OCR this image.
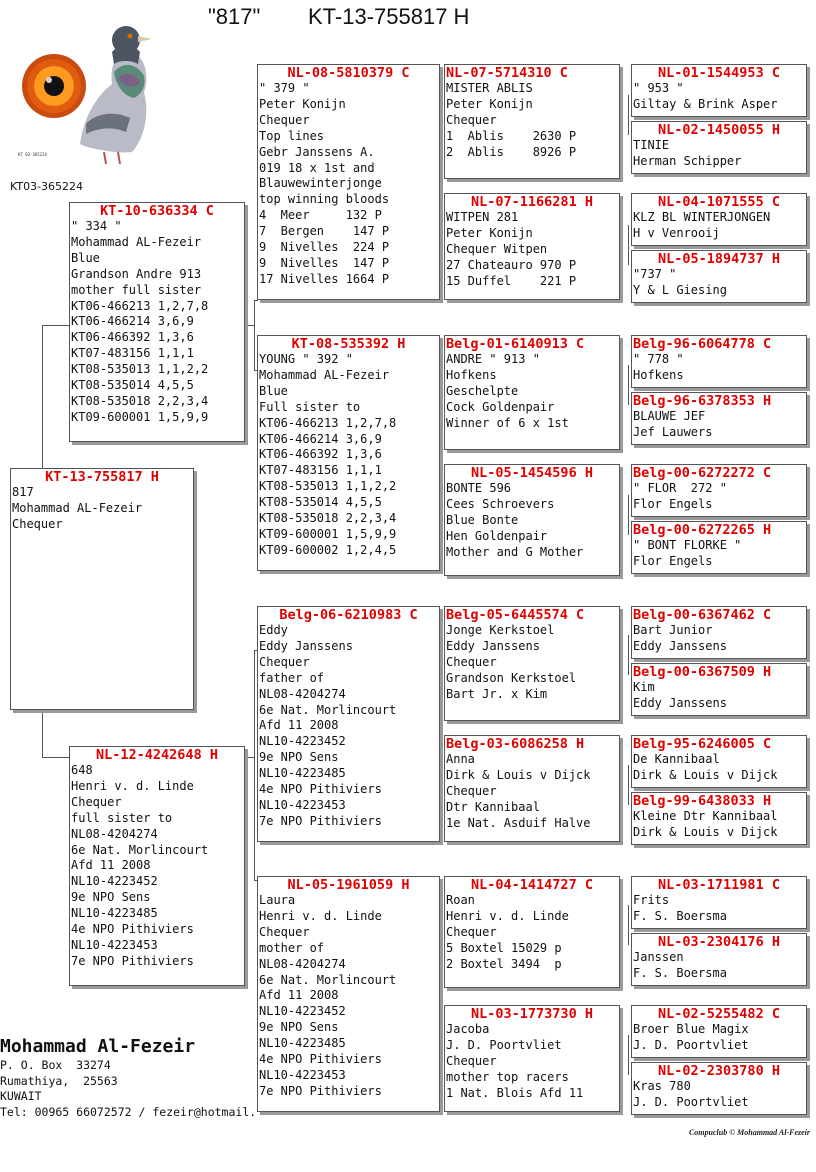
"817" KT-13-755817 H
KT 03-365224
KT03-365224
KT-13-755817 H
817
Mohammad AL-Fezeir
Chequer
KT-10-636334 C
" 334 "
Mohammad AL-Fezeir
Blue
Grandson Andre 913
mother full sister
KT06-466213 1,2,7,8
KT06-466214 3,6,9
KT06-466392 1,3,6
KT07-483156 1,1,1
KT08-535013 1,1,2,2
KT08-535014 4,5,5
KT08-535018 2,2,3,4
KT09-600001 1,5,9,9
NL-12-4242648 H
648
Henri v. d. Linde
Chequer
full sister to
NL08-4204274
6e Nat. Morlincourt
Afd 11 2008
NL10-4223452
9e NPO Sens
NL10-4223485
4e NPO Pithiviers
NL10-4223453
7e NPO Pithiviers
NL-08-5810379 C
" 379 "
Peter Konijn
Chequer
Top lines
Gebr Janssens A.
019 18 x 1st and
Blauwewinterjonge
top winning bloods
4  Meer     132 P
7  Bergen    147 P
9  Nivelles  224 P
9  Nivelles  147 P
17 Nivelles 1664 P
KT-08-535392 H
YOUNG " 392 "
Mohammad AL-Fezeir
Blue
Full sister to
KT06-466213 1,2,7,8
KT06-466214 3,6,9
KT06-466392 1,3,6
KT07-483156 1,1,1
KT08-535013 1,1,2,2
KT08-535014 4,5,5
KT08-535018 2,2,3,4
KT09-600001 1,5,9,9
KT09-600002 1,2,4,5
Belg-06-6210983 C
Eddy
Eddy Janssens
Chequer
father of
NL08-4204274
6e Nat. Morlincourt
Afd 11 2008
NL10-4223452
9e NPO Sens
NL10-4223485
4e NPO Pithiviers
NL10-4223453
7e NPO Pithiviers
NL-05-1961059 H
Laura
Henri v. d. Linde
Chequer
mother of
NL08-4204274
6e Nat. Morlincourt
Afd 11 2008
NL10-4223452
9e NPO Sens
NL10-4223485
4e NPO Pithiviers
NL10-4223453
7e NPO Pithiviers
NL-07-5714310 C
MISTER ABLIS
Peter Konijn
Chequer
1  Ablis    2630 P
2  Ablis    8926 P
NL-07-1166281 H
WITPEN 281
Peter Konijn
Chequer Witpen
27 Chateauro 970 P
15 Duffel    221 P
Belg-01-6140913 C
ANDRE " 913 "
Hofkens
Geschelpte
Cock Goldenpair
Winner of 6 x 1st
NL-05-1454596 H
BONTE 596
Cees Schroevers
Blue Bonte
Hen Goldenpair
Mother and G Mother
Belg-05-6445574 C
Jonge Kerkstoel
Eddy Janssens
Chequer
Grandson Kerkstoel
Bart Jr. x Kim
Belg-03-6086258 H
Anna
Dirk & Louis v Dijck
Chequer
Dtr Kannibaal
1e Nat. Asduif Halve
NL-04-1414727 C
Roan
Henri v. d. Linde
Chequer
5 Boxtel 15029 p
2 Boxtel 3494  p
NL-03-1773730 H
Jacoba
J. D. Poortvliet
Chequer
mother top racers
1 Nat. Blois Afd 11
NL-01-1544953 C
" 953 "
Giltay & Brink Asper
NL-02-1450055 H
TINIE
Herman Schipper
NL-04-1071555 C
KLZ BL WINTERJONGEN
H v Venrooij
NL-05-1894737 H
"737 "
Y & L Giesing
Belg-96-6064778 C
" 778 "
Hofkens
Belg-96-6378353 H
BLAUWE JEF
Jef Lauwers
Belg-00-6272272 C
" FLOR  272 "
Flor Engels
Belg-00-6272265 H
" BONT FLORKE "
Flor Engels
Belg-00-6367462 C
Bart Junior
Eddy Janssens
Belg-00-6367509 H
Kim
Eddy Janssens
Belg-95-6246005 C
De Kannibaal
Dirk & Louis v Dijck
Belg-99-6438033 H
Kleine Dtr Kannibaal
Dirk & Louis v Dijck
NL-03-1711981 C
Frits
F. S. Boersma
NL-03-2304176 H
Janssen
F. S. Boersma
NL-02-5255482 C
Broer Blue Magix
J. D. Poortvliet
NL-02-2303780 H
Kras 780
J. D. Poortvliet
Mohammad Al-Fezeir
P. O. Box  33274
Rumathiya,  25563
KUWAIT
Tel: 00965 66072572 / fezeir@hotmail.
Compuclub © Mohammad Al-Fezeir
